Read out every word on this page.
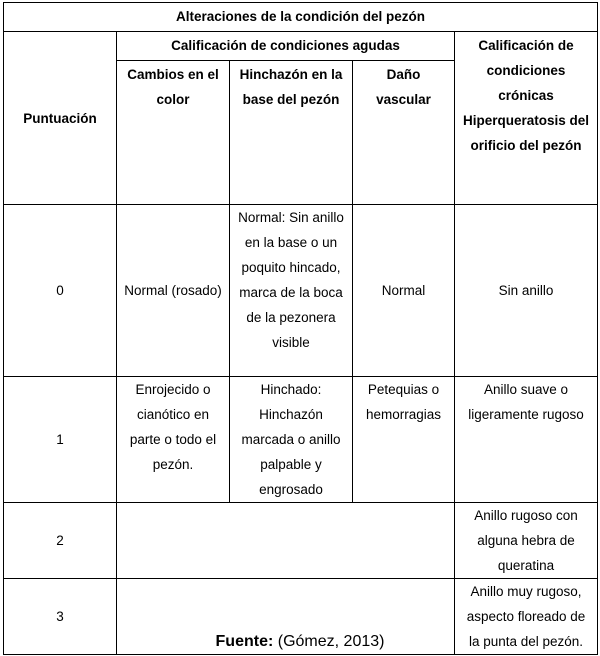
Alteraciones de la condición del pezón				
Puntuación	Calificación de condiciones agudas			Calificación de condiciones crónicas Hiperqueratosis del orificio del pezón
	Cambios en el color	Hinchazón en la base del pezón	Daño vascular	
0	Normal (rosado)	Normal: Sin anillo en la base o un poquito hincado, marca de la boca de la pezonera visible	Normal	Sin anillo
1	Enrojecido o cianótico en parte o todo el pezón.	Hinchado: Hinchazón marcada o anillo palpable y engrosado	Petequias o hemorragias	Anillo suave o ligeramente rugoso
2				Anillo rugoso con alguna hebra de queratina
3				Anillo muy rugoso, aspecto floreado de la punta del pezón.
Fuente: (Gómez, 2013)
